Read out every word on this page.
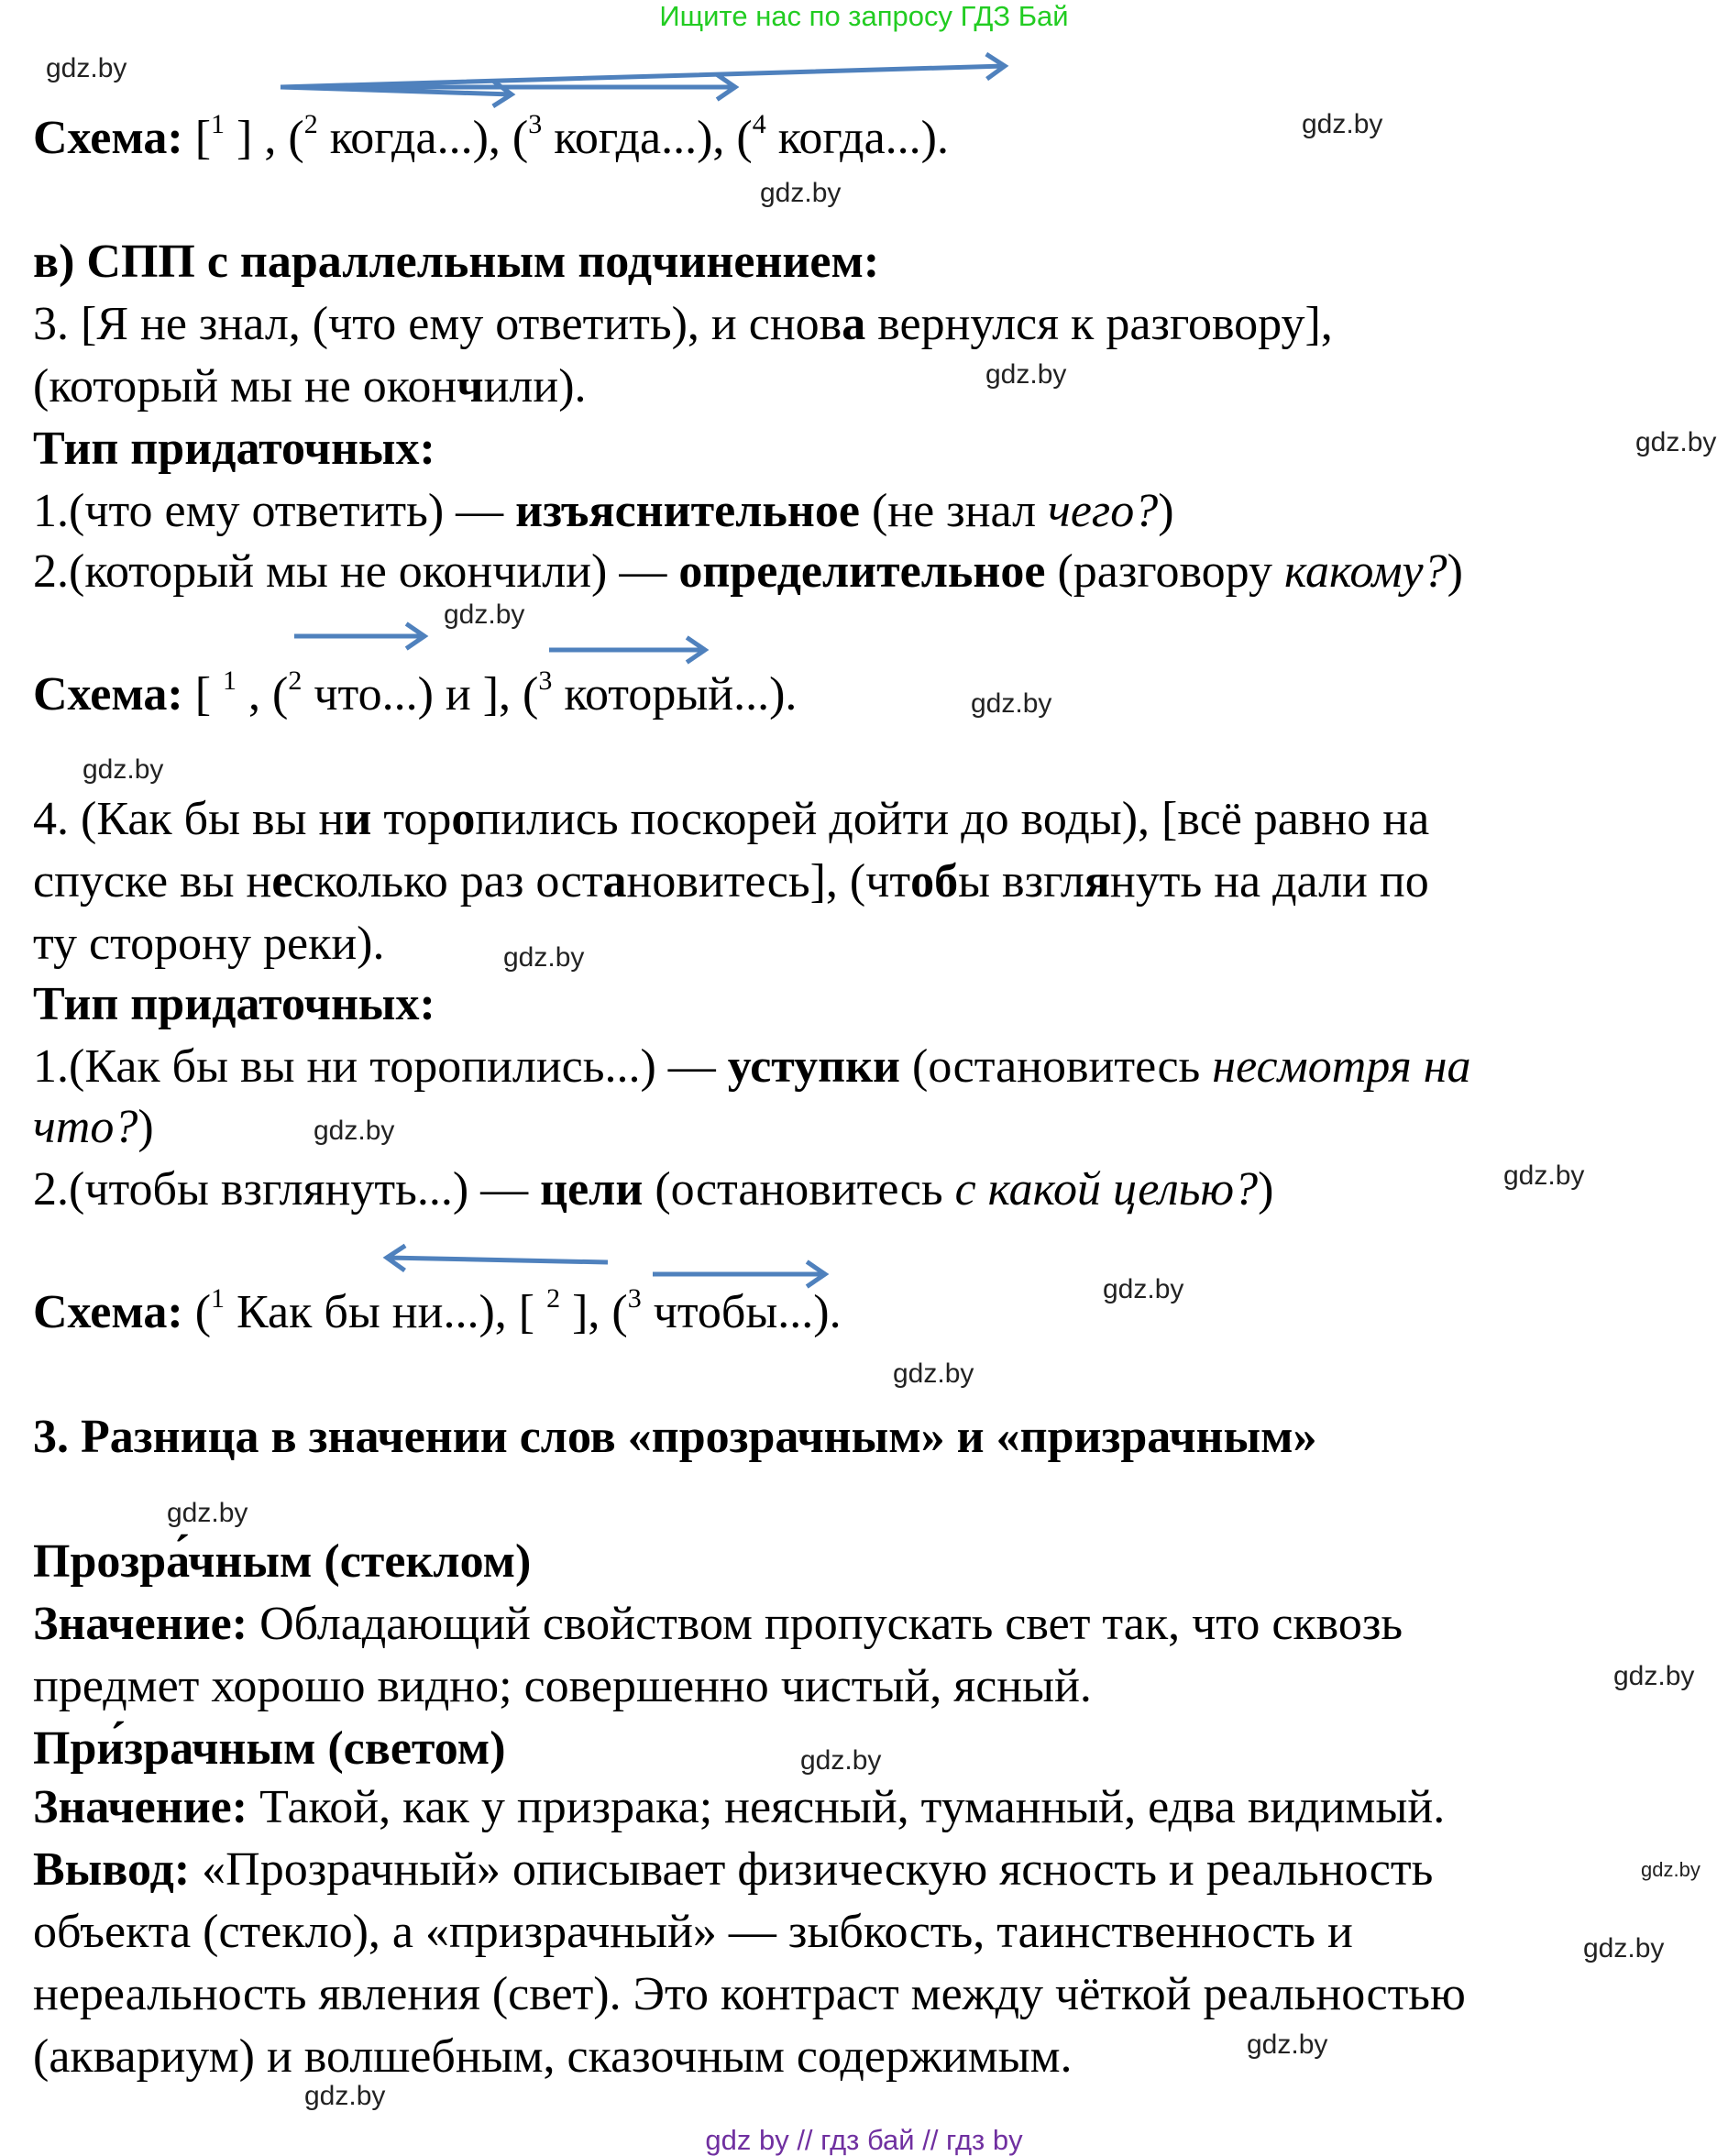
Ищите нас по запросу ГДЗ Бай
Схема: [$^1$ ] , ($^2$ когда...), ($^3$ когда...), ($^4$ когда...).
в) СПП с параллельным подчинением:
3. [Я не знал, (что ему ответить), и снова вернулся к разговору],
(который мы не окончили).
Тип придаточных:
1.(что ему ответить) — изъяснительное (не знал чего?)
2.(который мы не окончили) — определительное (разговору какому?)
Схема: [ $^1$ , ($^2$ что...) и ], ($^3$ который...).
4. (Как бы вы ни торопились поскорей дойти до воды), [всё равно на
спуске вы несколько раз остановитесь], (чтобы взглянуть на дали по
ту сторону реки).
Тип придаточных:
1.(Как бы вы ни торопились...) — уступки (остановитесь несмотря на
что?)
2.(чтобы взглянуть...) — цели (остановитесь с какой целью?)
Схема: ($^1$ Как бы ни...), [ $^2$ ], ($^3$ чтобы...).
3. Разница в значении слов «прозрачным» и «призрачным»
Прозра́чным (стеклом)
Значение: Обладающий свойством пропускать свет так, что сквозь
предмет хорошо видно; совершенно чистый, ясный.
При́зрачным (светом)
Значение: Такой, как у призрака; неясный, туманный, едва видимый.
Вывод: «Прозрачный» описывает физическую ясность и реальность
объекта (стекло), а «призрачный» — зыбкость, таинственность и
нереальность явления (свет). Это контраст между чёткой реальностью
(аквариум) и волшебным, сказочным содержимым.
gdz.by
gdz.by
gdz.by
gdz.by
gdz.by
gdz.by
gdz.by
gdz.by
gdz.by
gdz.by
gdz.by
gdz.by
gdz.by
gdz.by
gdz.by
gdz.by
gdz.by
gdz.by
gdz.by
gdz.by
gdz by // гдз бай // гдз by
